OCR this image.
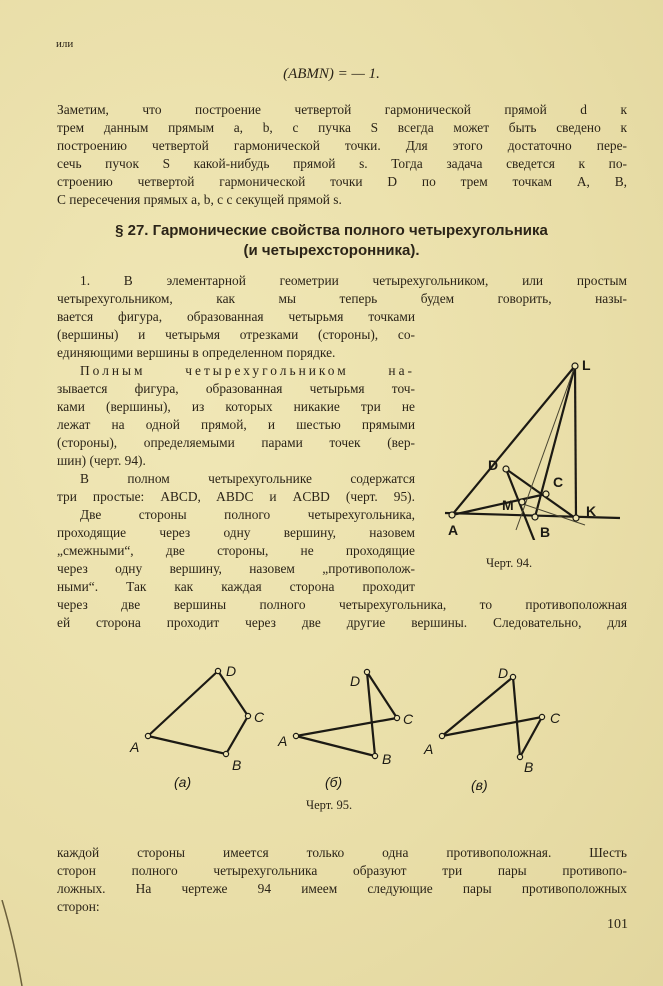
или
(ABMN) = — 1.
Заметим, что построение четвертой гармонической прямой d к
трем данным прямым a, b, c пучка S всегда может быть сведено к
построению четвертой гармонической точки. Для этого достаточно пере-
сечь пучок S какой-нибудь прямой s. Тогда задача сведется к по-
строению четвертой гармонической точки D по трем точкам A, B,
C пересечения прямых a, b, c с секущей прямой s.
§ 27. Гармонические свойства полного четырехугольника
(и четырехсторонника).
1. В элементарной геометрии четырехугольником, или простым
четырехугольником, как мы теперь будем говорить, назы-
вается фигура, образованная четырьмя точками
(вершины) и четырьмя отрезками (стороны), со-
единяющими вершины в определенном порядке.
Полным четырехугольником на-
зывается фигура, образованная четырьмя точ-
ками (вершины), из которых никакие три не
лежат на одной прямой, и шестью прямыми
(стороны), определяемыми парами точек (вер-
шин) (черт. 94).
В полном четырехугольнике содержатся
три простые: ABCD, ABDC и ACBD (черт. 95).
Две стороны полного четырехугольника,
проходящие через одну вершину, назовем
„смежными“, две стороны, не проходящие
через одну вершину, назовем „противополож-
ными“. Так как каждая сторона проходит
через две вершины полного четырехугольника, то противоположная
ей сторона проходит через две другие вершины. Следовательно, для
L
D
C
M
A	B
K
Черт. 94.
D
C
B
A
D
C
B
A
D
C
B
A
(а)	(б)	(в)
Черт. 95.
каждой стороны имеется только одна противоположная. Шесть
сторон полного четырехугольника образуют три пары противопо-
ложных. На чертеже 94 имеем следующие пары противоположных
сторон:
101
